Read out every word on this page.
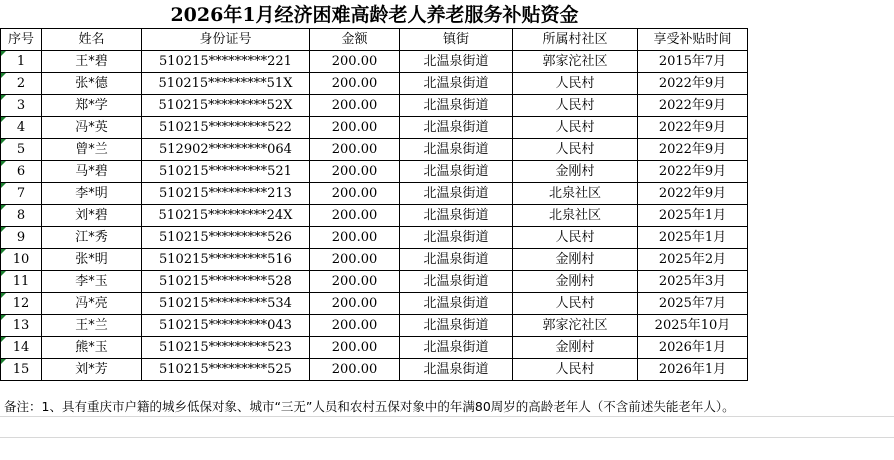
2026年1月经济困难高龄老人养老服务补贴资金
序号	姓名	身份证号	金额	镇街	所属村社区	享受补贴时间
1	王*碧	510215*********221	200.00	北温泉街道	郭家沱社区	2015年7月
2	张*德	510215*********51X	200.00	北温泉街道	人民村	2022年9月
3	郑*学	510215*********52X	200.00	北温泉街道	人民村	2022年9月
4	冯*英	510215*********522	200.00	北温泉街道	人民村	2022年9月
5	曾*兰	512902*********064	200.00	北温泉街道	人民村	2022年9月
6	马*碧	510215*********521	200.00	北温泉街道	金刚村	2022年9月
7	李*明	510215*********213	200.00	北温泉街道	北泉社区	2022年9月
8	刘*碧	510215*********24X	200.00	北温泉街道	北泉社区	2025年1月
9	江*秀	510215*********526	200.00	北温泉街道	人民村	2025年1月
10	张*明	510215*********516	200.00	北温泉街道	金刚村	2025年2月
11	李*玉	510215*********528	200.00	北温泉街道	金刚村	2025年3月
12	冯*亮	510215*********534	200.00	北温泉街道	人民村	2025年7月
13	王*兰	510215*********043	200.00	北温泉街道	郭家沱社区	2025年10月
14	熊*玉	510215*********523	200.00	北温泉街道	金刚村	2026年1月
15	刘*芳	510215*********525	200.00	北温泉街道	人民村	2026年1月
备注：1、具有重庆市户籍的城乡低保对象、城市“三无”人员和农村五保对象中的年满80周岁的高龄老年人（不含前述失能老年人）。
